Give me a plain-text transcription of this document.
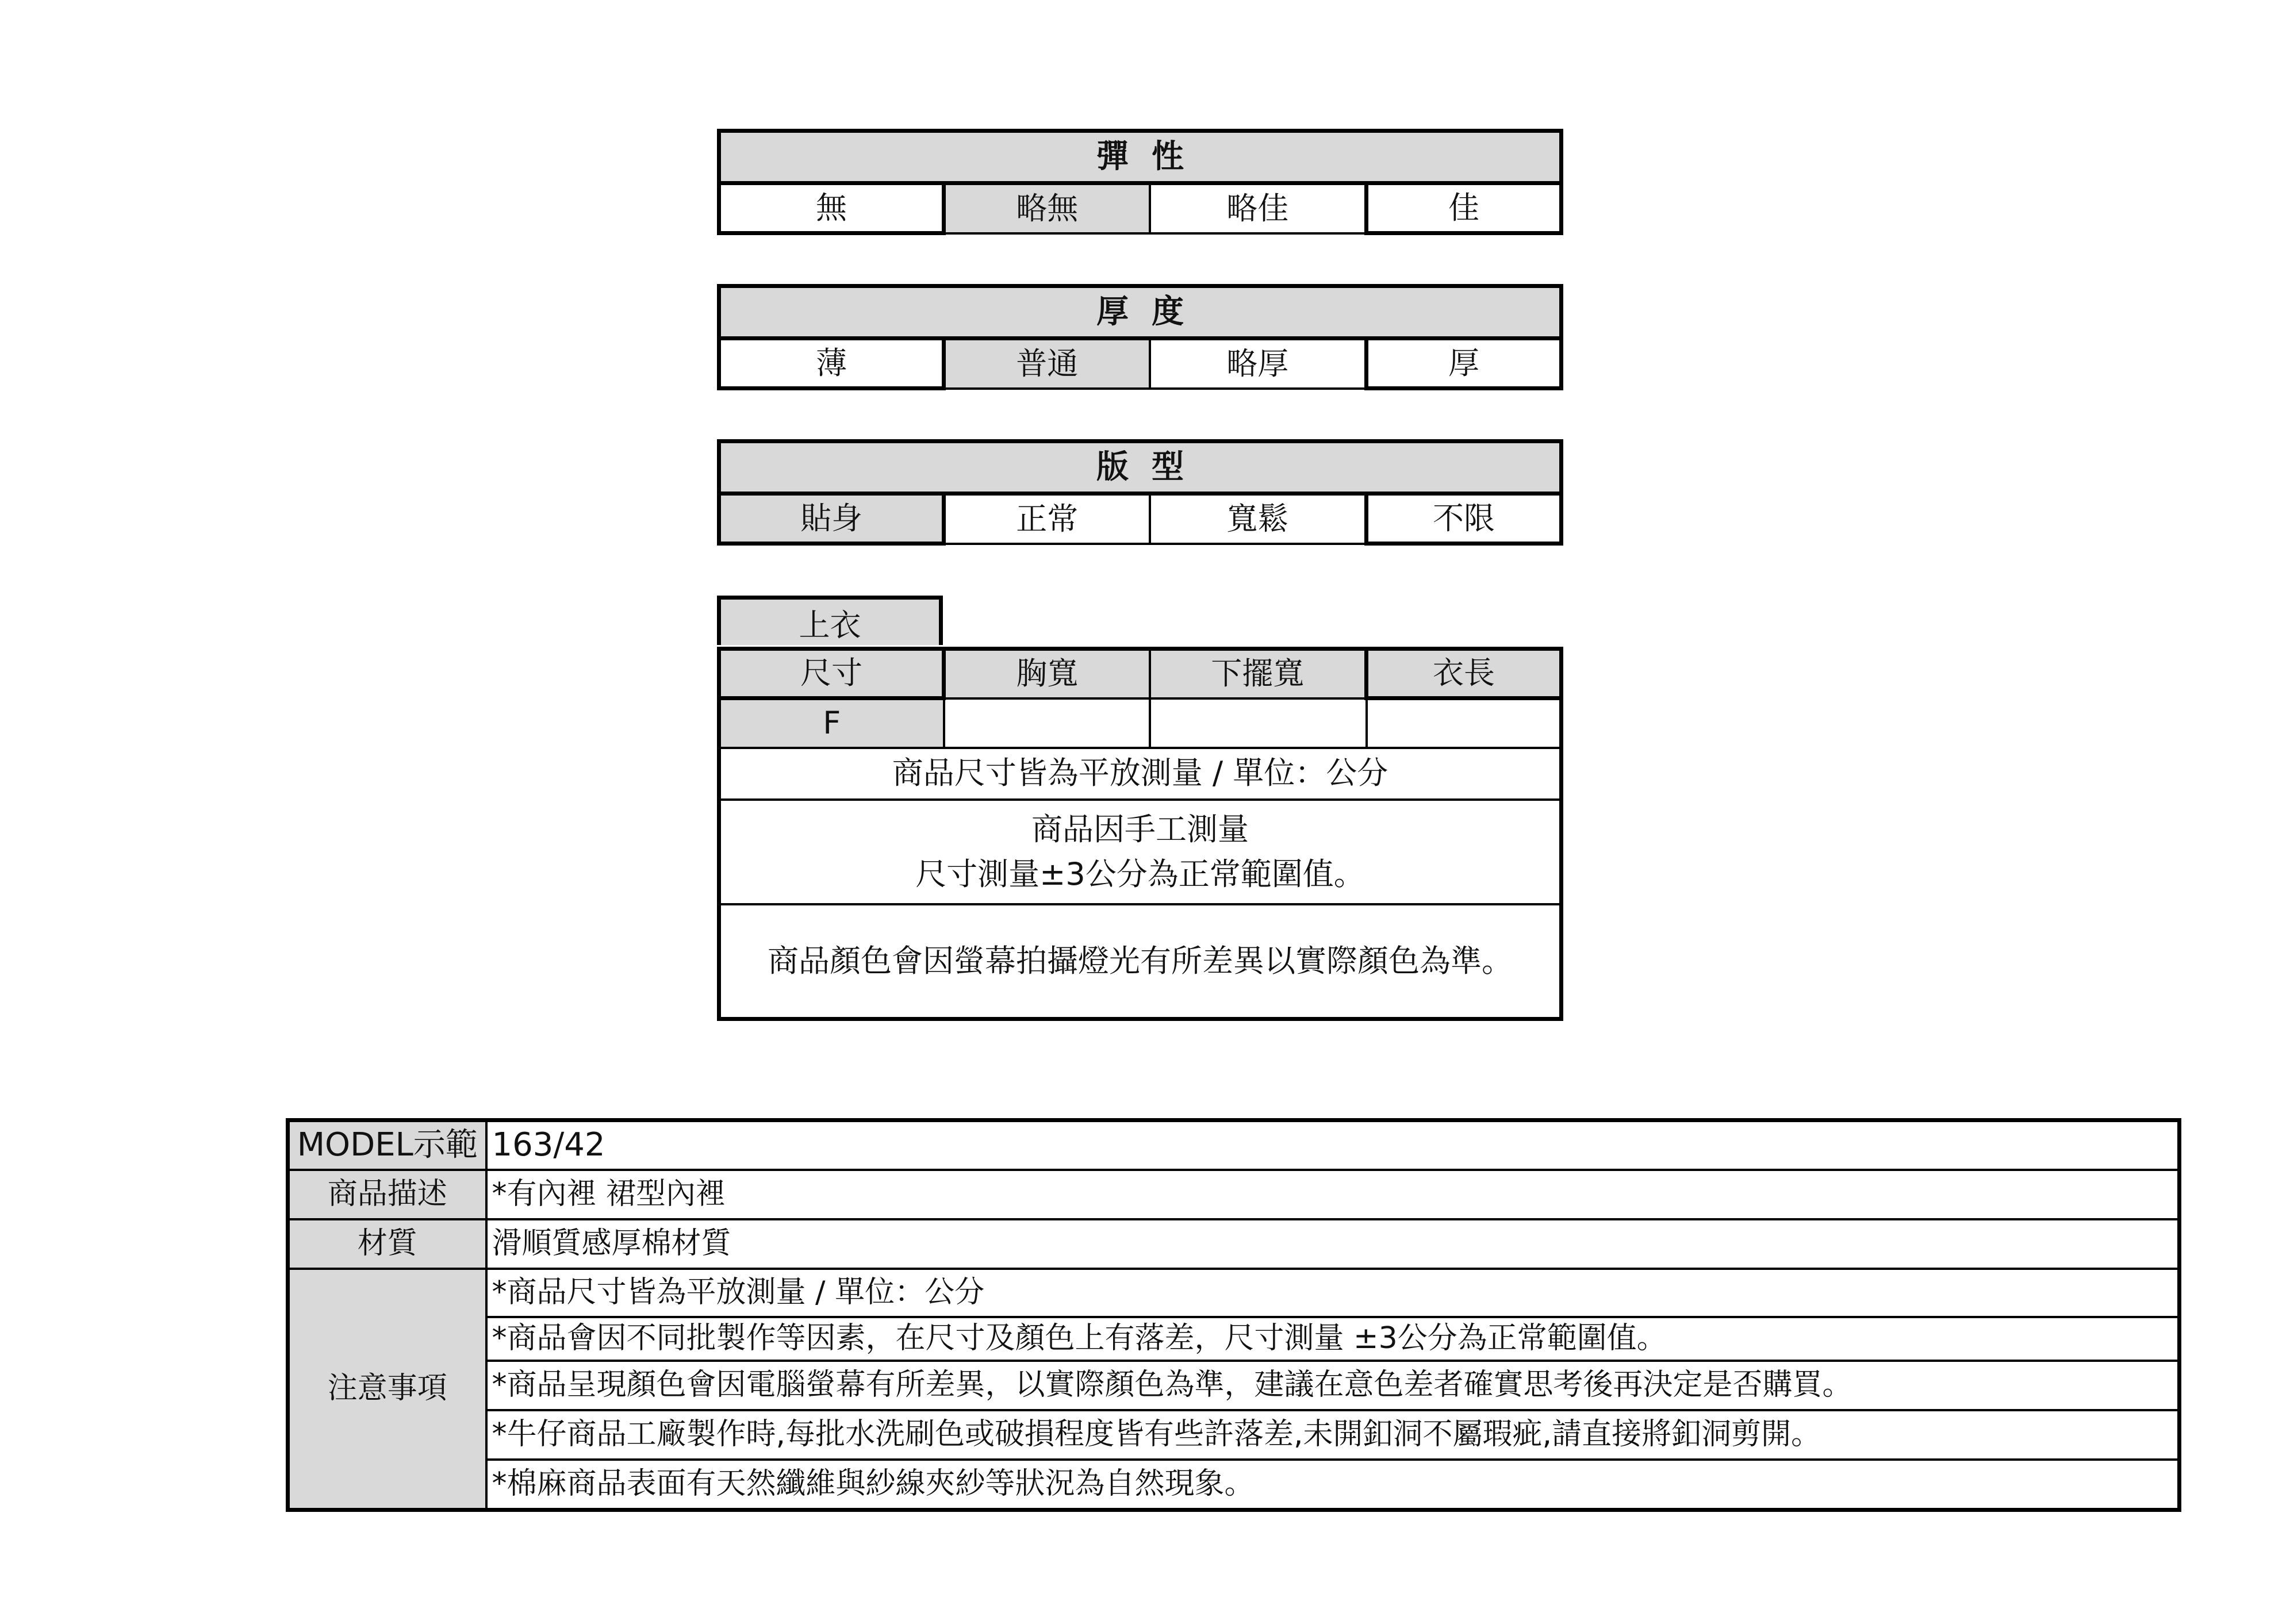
彈性
無	略無	略佳	佳
厚度
薄	普通	略厚	厚
版型
貼身	正常	寬鬆	不限
上衣
尺寸	胸寬	下擺寬	衣長
F			
商品尺寸皆為平放測量 / 單位：公分			

商品因手工測量
尺寸測量±3公分為正常範圍值。			

商品顏色會因螢幕拍攝燈光有所差異以實際顏色為準。			
MODEL示範	163/42
商品描述	*有內裡 裙型內裡
材質	滑順質感厚棉材質
注意事項	*商品尺寸皆為平放測量 / 單位：公分
	*商品會因不同批製作等因素，在尺寸及顏色上有落差，尺寸測量 ±3公分為正常範圍值。
	*商品呈現顏色會因電腦螢幕有所差異，以實際顏色為準，建議在意色差者確實思考後再決定是否購買。
	*牛仔商品工廠製作時,每批水洗刷色或破損程度皆有些許落差,未開釦洞不屬瑕疵,請直接將釦洞剪開。
	*棉麻商品表面有天然纖維與紗線夾紗等狀況為自然現象。
